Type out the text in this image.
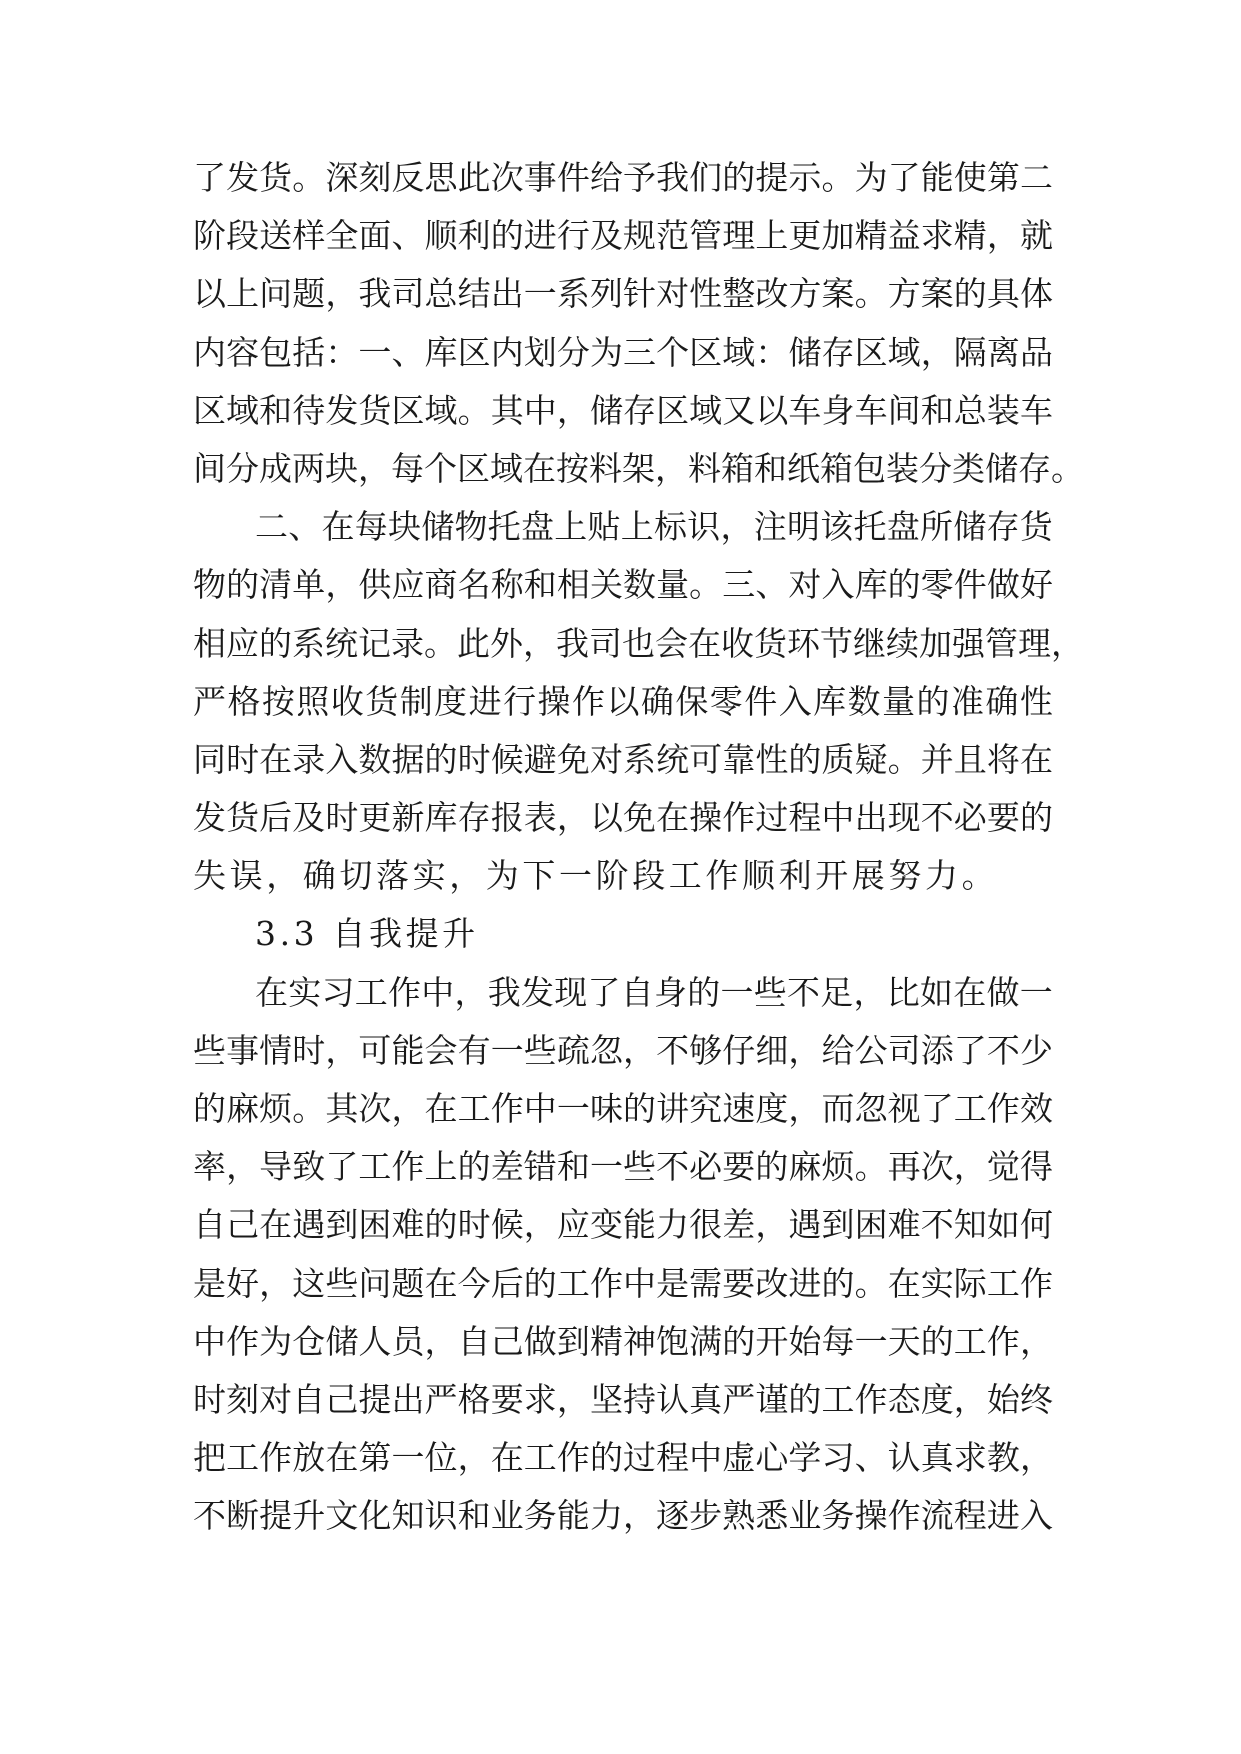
了 发 货 。 深 刻 反 思 此 次 事 件 给 予 我 们 的 提 示 。 为 了 能 使 第 二
阶 段 送 样 全 面 、 顺 利 的 进 行 及 规 范 管 理 上 更 加 精 益 求 精 ， 就
以 上 问 题 ， 我 司 总 结 出 一 系 列 针 对 性 整 改 方 案 。 方 案 的 具 体
内 容 包 括 ： 一 、 库 区 内 划 分 为 三 个 区 域 ： 储 存 区 域 ， 隔 离 品
区 域 和 待 发 货 区 域 。 其 中 ， 储 存 区 域 又 以 车 身 车 间 和 总 装 车
间 分 成 两 块 ， 每 个 区 域 在 按 料 架 ， 料 箱 和 纸 箱 包 装 分 类 储 存 。
二 、 在 每 块 储 物 托 盘 上 贴 上 标 识 ， 注 明 该 托 盘 所 储 存 货
物 的 清 单 ， 供 应 商 名 称 和 相 关 数 量 。 三 、 对 入 库 的 零 件 做 好
相 应 的 系 统 记 录 。 此 外 ， 我 司 也 会 在 收 货 环 节 继 续 加 强 管 理 ，
严 格 按 照 收 货 制 度 进 行 操 作 以 确 保 零 件 入 库 数 量 的 准 确 性
同 时 在 录 入 数 据 的 时 候 避 免 对 系 统 可 靠 性 的 质 疑 。 并 且 将 在
发 货 后 及 时 更 新 库 存 报 表 ， 以 免 在 操 作 过 程 中 出 现 不 必 要 的
失误，确切落实，为下一阶段工作顺利开展努力。
3.3 自我提升
在 实 习 工 作 中 ， 我 发 现 了 自 身 的 一 些 不 足 ， 比 如 在 做 一
些 事 情 时 ， 可 能 会 有 一 些 疏 忽 ， 不 够 仔 细 ， 给 公 司 添 了 不 少
的 麻 烦 。 其 次 ， 在 工 作 中 一 味 的 讲 究 速 度 ， 而 忽 视 了 工 作 效
率 ， 导 致 了 工 作 上 的 差 错 和 一 些 不 必 要 的 麻 烦 。 再 次 ， 觉 得
自 己 在 遇 到 困 难 的 时 候 ， 应 变 能 力 很 差 ， 遇 到 困 难 不 知 如 何
是 好 ， 这 些 问 题 在 今 后 的 工 作 中 是 需 要 改 进 的 。 在 实 际 工 作
中 作 为 仓 储 人 员 ， 自 己 做 到 精 神 饱 满 的 开 始 每 一 天 的 工 作 ，
时 刻 对 自 己 提 出 严 格 要 求 ， 坚 持 认 真 严 谨 的 工 作 态 度 ， 始 终
把 工 作 放 在 第 一 位 ， 在 工 作 的 过 程 中 虚 心 学 习 、 认 真 求 教 ，
不 断 提 升 文 化 知 识 和 业 务 能 力 ， 逐 步 熟 悉 业 务 操 作 流 程 进 入
